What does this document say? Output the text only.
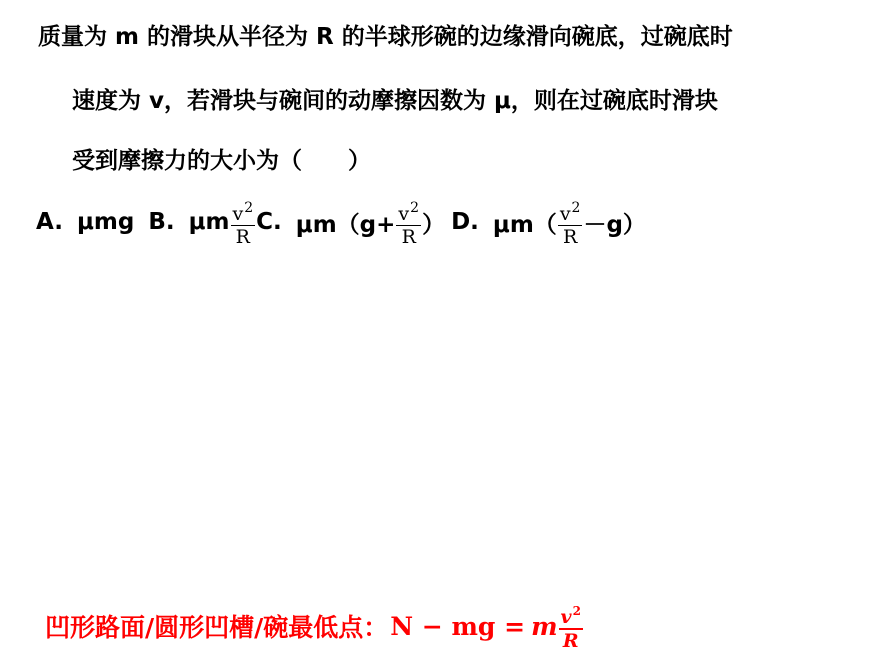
质量为 m 的滑块从半径为 R 的半球形碗的边缘滑向碗底，过碗底时
速度为 v，若滑块与碗间的动摩擦因数为 μ，则在过碗底时滑块
受到摩擦力的大小为（　　）
A. μmg B. μm $\frac{v^2}{R} C$. $\mu m(g+ \frac{v^2}{R}$ ） D. $\mu m( \frac{v^2}{R} -g)$
凹形路面/圆形凹槽/碗最低点： N − mg = m $\frac{v^2}{R}$
